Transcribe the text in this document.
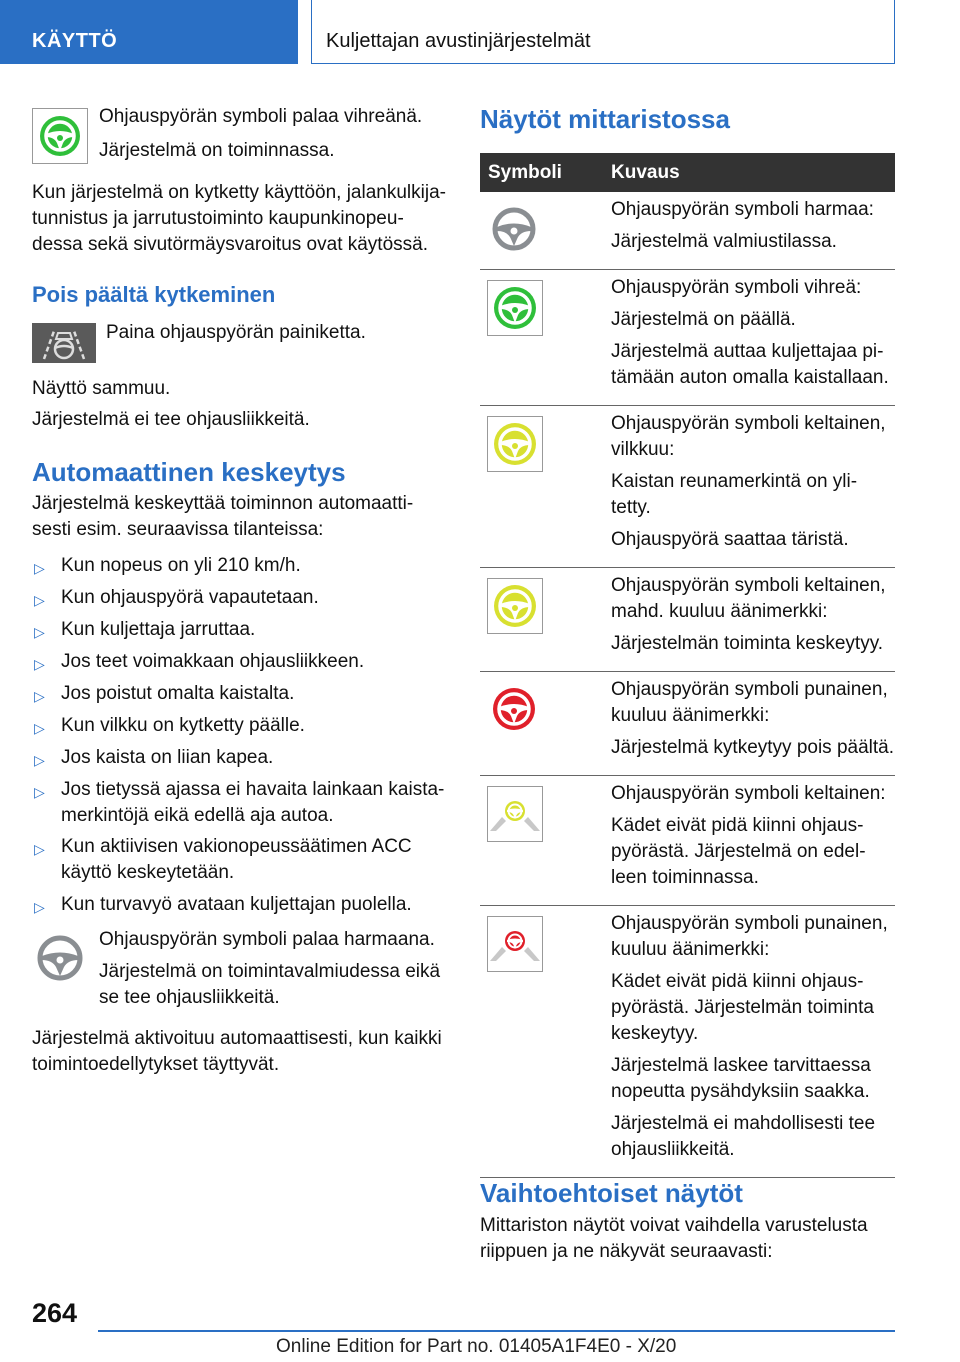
KÄYTTÖ	Kuljettajan avustinjärjestelmät
Ohjauspyörän symboli palaa vihreänä.
Järjestelmä on toiminnassa.
Kun järjestelmä on kytketty käyttöön, jalankulkija-
tunnistus ja jarrutustoiminto kaupunkinopeu-
dessa sekä sivutörmäysvaroitus ovat käytössä.
Pois päältä kytkeminen
Paina ohjauspyörän painiketta.
Näyttö sammuu.
Järjestelmä ei tee ohjausliikkeitä.
Automaattinen keskeytys
Järjestelmä keskeyttää toiminnon automaatti-
sesti esim. seuraavissa tilanteissa:
▷ Kun nopeus on yli 210 km/h.
▷ Kun ohjauspyörä vapautetaan.
▷ Kun kuljettaja jarruttaa.
▷ Jos teet voimakkaan ohjausliikkeen.
▷ Jos poistut omalta kaistalta.
▷ Kun vilkku on kytketty päälle.
▷ Jos kaista on liian kapea.
▷ Jos tietyssä ajassa ei havaita lainkaan kaista-
merkintöjä eikä edellä aja autoa.
▷ Kun aktiivisen vakionopeussäätimen ACC
käyttö keskeytetään.
▷ Kun turvavyö avataan kuljettajan puolella.
Ohjauspyörän symboli palaa harmaana.
Järjestelmä on toimintavalmiudessa eikä
se tee ohjausliikkeitä.
Järjestelmä aktivoituu automaattisesti, kun kaikki
toimintoedellytykset täyttyvät.
Näytöt mittaristossa
Symboli	Kuvaus

Ohjauspyörän symboli harmaa:
Järjestelmä valmiustilassa.

Ohjauspyörän symboli vihreä:
Järjestelmä on päällä.
Järjestelmä auttaa kuljettajaa pi-tämään auton omalla kaistallaan.

Ohjauspyörän symboli keltainen, vilkkuu:
Kaistan reunamerkintä on yli-tetty.
Ohjauspyörä saattaa täristä.

Ohjauspyörän symboli keltainen, mahd. kuuluu äänimerkki:
Järjestelmän toiminta keskeytyy.

Ohjauspyörän symboli punainen, kuuluu äänimerkki:
Järjestelmä kytkeytyy pois päältä.

Ohjauspyörän symboli keltainen:
Kädet eivät pidä kiinni ohjaus-pyörästä. Järjestelmä on edel-leen toiminnassa.

Ohjauspyörän symboli punainen, kuuluu äänimerkki:
Kädet eivät pidä kiinni ohjaus-pyörästä. Järjestelmän toiminta keskeytyy.
Järjestelmä laskee tarvittaessa nopeutta pysähdyksiin saakka.
Järjestelmä ei mahdollisesti tee ohjausliikkeitä.
Vaihtoehtoiset näytöt
Mittariston näytöt voivat vaihdella varustelusta
riippuen ja ne näkyvät seuraavasti:
264
Online Edition for Part no. 01405A1F4E0 - X/20
